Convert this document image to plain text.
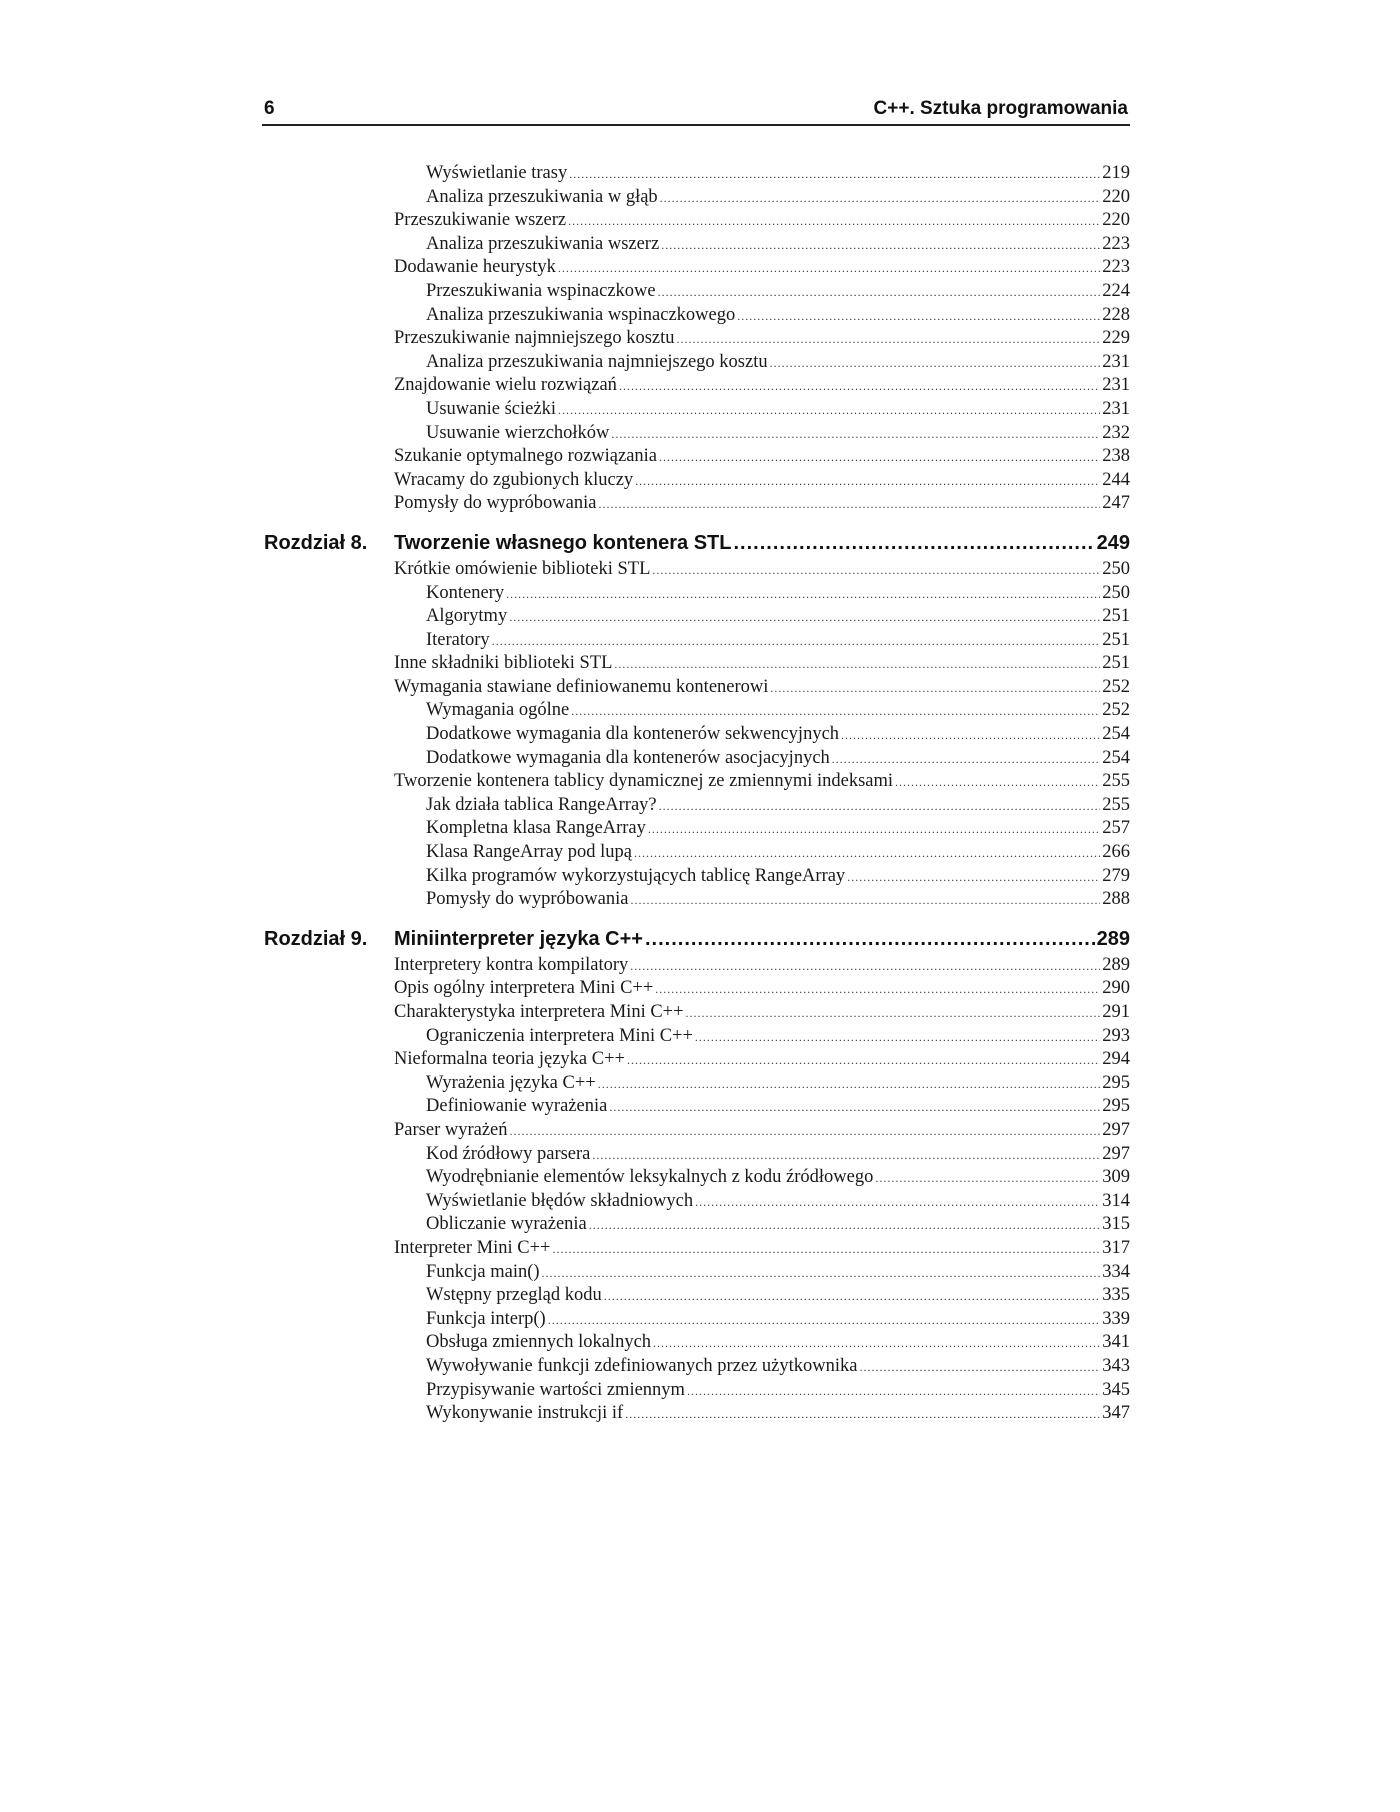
6	C++. Sztuka programowania
Wyświetlanie trasy .....	219
Analiza przeszukiwania w głąb .....	220
Przeszukiwanie wszerz .....	220
Analiza przeszukiwania wszerz .....	223
Dodawanie heurystyk .....	223
Przeszukiwania wspinaczkowe .....	224
Analiza przeszukiwania wspinaczkowego .....	228
Przeszukiwanie najmniejszego kosztu .....	229
Analiza przeszukiwania najmniejszego kosztu .....	231
Znajdowanie wielu rozwiązań .....	231
Usuwanie ścieżki .....	231
Usuwanie wierzchołków .....	232
Szukanie optymalnego rozwiązania .....	238
Wracamy do zgubionych kluczy .....	244
Pomysły do wypróbowania .....	247
Rozdział 8. Tworzenie własnego kontenera STL .....	249
Krótkie omówienie biblioteki STL .....	250
Kontenery .....	250
Algorytmy .....	251
Iteratory .....	251
Inne składniki biblioteki STL .....	251
Wymagania stawiane definiowanemu kontenerowi .....	252
Wymagania ogólne .....	252
Dodatkowe wymagania dla kontenerów sekwencyjnych .....	254
Dodatkowe wymagania dla kontenerów asocjacyjnych .....	254
Tworzenie kontenera tablicy dynamicznej ze zmiennymi indeksami .....	255
Jak działa tablica RangeArray? .....	255
Kompletna klasa RangeArray .....	257
Klasa RangeArray pod lupą .....	266
Kilka programów wykorzystujących tablicę RangeArray .....	279
Pomysły do wypróbowania .....	288
Rozdział 9. Miniinterpreter języka C++ .....	289
Interpretery kontra kompilatory .....	289
Opis ogólny interpretera Mini C++ .....	290
Charakterystyka interpretera Mini C++ .....	291
Ograniczenia interpretera Mini C++ .....	293
Nieformalna teoria języka C++ .....	294
Wyrażenia języka C++ .....	295
Definiowanie wyrażenia .....	295
Parser wyrażeń .....	297
Kod źródłowy parsera .....	297
Wyodrębnianie elementów leksykalnych z kodu źródłowego .....	309
Wyświetlanie błędów składniowych .....	314
Obliczanie wyrażenia .....	315
Interpreter Mini C++ .....	317
Funkcja main() .....	334
Wstępny przegląd kodu .....	335
Funkcja interp() .....	339
Obsługa zmiennych lokalnych .....	341
Wywoływanie funkcji zdefiniowanych przez użytkownika .....	343
Przypisywanie wartości zmiennym .....	345
Wykonywanie instrukcji if .....	347
